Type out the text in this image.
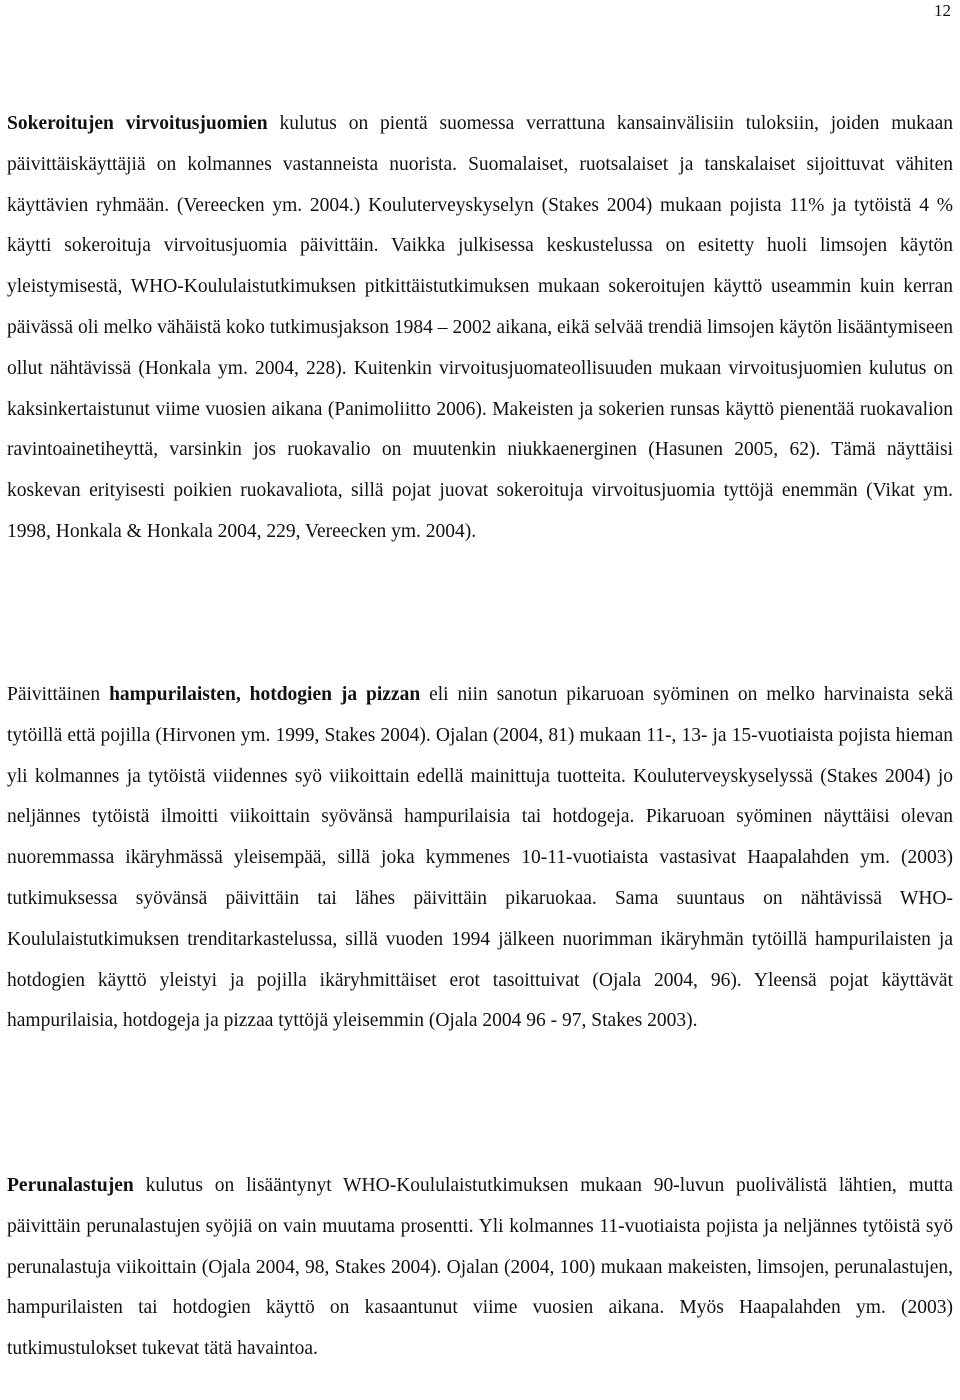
12

Sokeroitujen virvoitusjuomien kulutus on pientä suomessa verrattuna kansainvälisiin tuloksiin, joiden mukaan päivittäiskäyttäjiä on kolmannes vastanneista nuorista. Suomalaiset, ruotsalaiset ja tanskalaiset sijoittuvat vähiten käyttävien ryhmään. (Vereecken ym. 2004.) Kouluterveyskyselyn (Stakes 2004) mukaan pojista 11% ja tytöistä 4 % käytti sokeroituja virvoitusjuomia päivittäin. Vaikka julkisessa keskustelussa on esitetty huoli limsojen käytön yleistymisestä, WHO-Koululaistutkimuksen pitkittäistutkimuksen mukaan sokeroitujen käyttö useammin kuin kerran päivässä oli melko vähäistä koko tutkimusjakson 1984 – 2002 aikana, eikä selvää trendiä limsojen käytön lisääntymiseen ollut nähtävissä (Honkala ym. 2004, 228). Kuitenkin virvoitusjuomateollisuuden mukaan virvoitusjuomien kulutus on kaksinkertaistunut viime vuosien aikana (Panimoliitto 2006). Makeisten ja sokerien runsas käyttö pienentää ruokavalion ravintoainetiheyttä, varsinkin jos ruokavalio on muutenkin niukkaenerginen (Hasunen 2005, 62). Tämä näyttäisi koskevan erityisesti poikien ruokavaliota, sillä pojat juovat sokeroituja virvoitusjuomia tyttöjä enemmän (Vikat ym. 1998, Honkala & Honkala 2004, 229, Vereecken ym. 2004).

Päivittäinen hampurilaisten, hotdogien ja pizzan eli niin sanotun pikaruoan syöminen on melko harvinaista sekä tytöillä että pojilla (Hirvonen ym. 1999, Stakes 2004). Ojalan (2004, 81) mukaan 11-, 13- ja 15-vuotiaista pojista hieman yli kolmannes ja tytöistä viidennes syö viikoittain edellä mainittuja tuotteita. Kouluterveyskyselyssä (Stakes 2004) jo neljännes tytöistä ilmoitti viikoittain syövänsä hampurilaisia tai hotdogeja. Pikaruoan syöminen näyttäisi olevan nuoremmassa ikäryhmässä yleisempää, sillä joka kymmenes 10-11-vuotiaista vastasivat Haapalahden ym. (2003) tutkimuksessa syövänsä päivittäin tai lähes päivittäin pikaruokaa. Sama suuntaus on nähtävissä WHO-Koululaistutkimuksen trenditarkastelussa, sillä vuoden 1994 jälkeen nuorimman ikäryhmän tytöillä hampurilaisten ja hotdogien käyttö yleistyi ja pojilla ikäryhmittäiset erot tasoittuivat (Ojala 2004, 96). Yleensä pojat käyttävät hampurilaisia, hotdogeja ja pizzaa tyttöjä yleisemmin (Ojala 2004 96 - 97, Stakes 2003).

Perunalastujen kulutus on lisääntynyt WHO-Koululaistutkimuksen mukaan 90-luvun puolivälistä lähtien, mutta päivittäin perunalastujen syöjiä on vain muutama prosentti. Yli kolmannes 11-vuotiaista pojista ja neljännes tytöistä syö perunalastuja viikoittain (Ojala 2004, 98, Stakes 2004). Ojalan (2004, 100) mukaan makeisten, limsojen, perunalastujen, hampurilaisten tai hotdogien käyttö on kasaantunut viime vuosien aikana. Myös Haapalahden ym. (2003) tutkimustulokset tukevat tätä havaintoa.
